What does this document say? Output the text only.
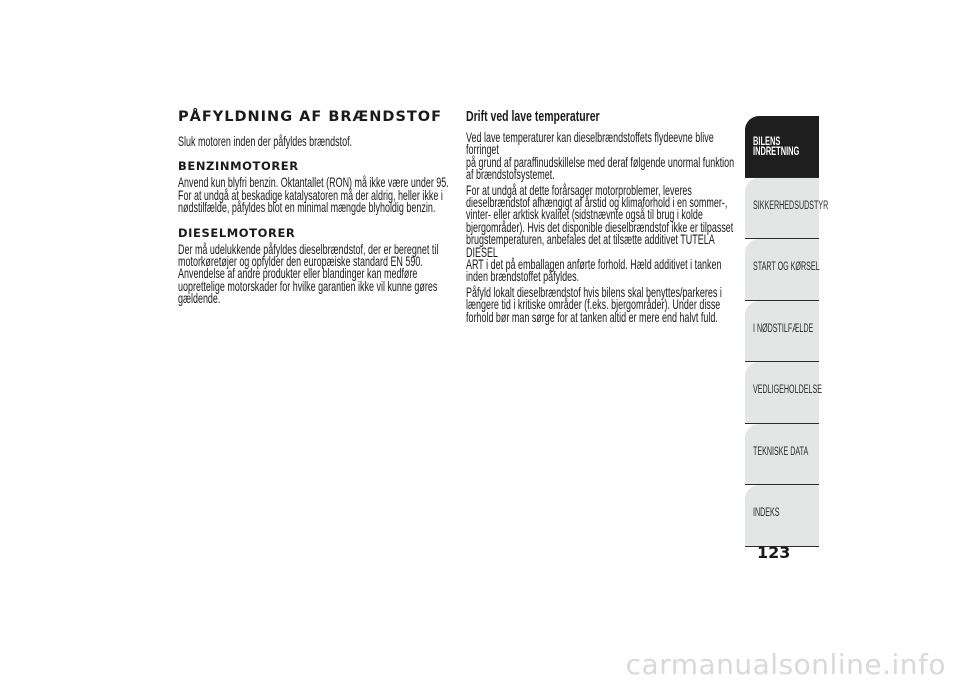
PÅFYLDNING AF BRÆNDSTOF

Sluk motoren inden der påfyldes brændstof.

BENZINMOTORER

Anvend kun blyfri benzin. Oktantallet (RON) må ikke være under 95.

For at undgå at beskadige katalysatoren må der aldrig, heller ikke i

nødstilfælde, påfyldes blot en minimal mængde blyholdig benzin.

DIESELMOTORER

Der må udelukkende påfyldes dieselbrændstof, der er beregnet til

motorkøretøjer og opfylder den europæiske standard EN 590.

Anvendelse af andre produkter eller blandinger kan medføre

uoprettelige motorskader for hvilke garantien ikke vil kunne gøres

gældende.

Drift ved lave temperaturer

Ved lave temperaturer kan dieselbrændstoffets flydeevne blive forringet

på grund af paraffinudskillelse med deraf følgende unormal funktion

af brændstofsystemet.

For at undgå at dette forårsager motorproblemer, leveres

dieselbrændstof afhængigt af årstid og klimaforhold i en sommer-,

vinter- eller arktisk kvalitet (sidstnævnte også til brug i kolde

bjergområder). Hvis det disponible dieselbrændstof ikke er tilpasset

brugstemperaturen, anbefales det at tilsætte additivet TUTELA DIESEL

ART i det på emballagen anførte forhold. Hæld additivet i tanken

inden brændstoffet påfyldes.

Påfyld lokalt dieselbrændstof hvis bilens skal benyttes/parkeres i

længere tid i kritiske områder (f.eks. bjergområder). Under disse

forhold bør man sørge for at tanken altid er mere end halvt fuld.

BILENS
INDRETNING
SIKKERHEDSUDSTYR
START OG KØRSEL
I NØDSTILFÆLDE
VEDLIGEHOLDELSE
TEKNISKE DATA
INDEKS
123
carmanualsonline.info
